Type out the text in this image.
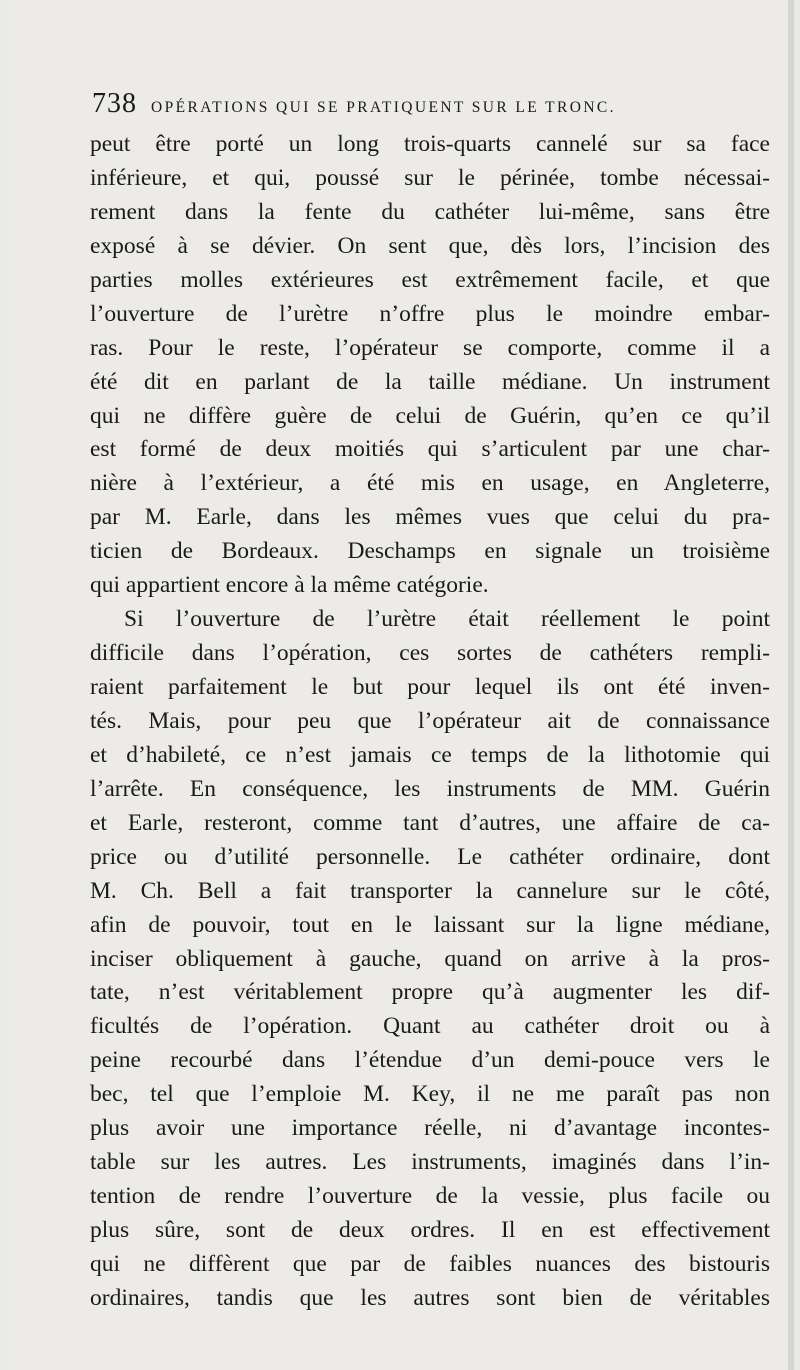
738 OPÉRATIONS QUI SE PRATIQUENT SUR LE TRONC.
peut être porté un long trois-quarts cannelé sur sa face
inférieure, et qui, poussé sur le périnée, tombe nécessai-
rement dans la fente du cathéter lui-même, sans être
exposé à se dévier. On sent que, dès lors, l’incision des
parties molles extérieures est extrêmement facile, et que
l’ouverture de l’urètre n’offre plus le moindre embar-
ras. Pour le reste, l’opérateur se comporte, comme il a
été dit en parlant de la taille médiane. Un instrument
qui ne diffère guère de celui de Guérin, qu’en ce qu’il
est formé de deux moitiés qui s’articulent par une char-
nière à l’extérieur, a été mis en usage, en Angleterre,
par M. Earle, dans les mêmes vues que celui du pra-
ticien de Bordeaux. Deschamps en signale un troisième
qui appartient encore à la même catégorie.
Si l’ouverture de l’urètre était réellement le point
difficile dans l’opération, ces sortes de cathéters rempli-
raient parfaitement le but pour lequel ils ont été inven-
tés. Mais, pour peu que l’opérateur ait de connaissance
et d’habileté, ce n’est jamais ce temps de la lithotomie qui
l’arrête. En conséquence, les instruments de MM. Guérin
et Earle, resteront, comme tant d’autres, une affaire de ca-
price ou d’utilité personnelle. Le cathéter ordinaire, dont
M. Ch. Bell a fait transporter la cannelure sur le côté,
afin de pouvoir, tout en le laissant sur la ligne médiane,
inciser obliquement à gauche, quand on arrive à la pros-
tate, n’est véritablement propre qu’à augmenter les dif-
ficultés de l’opération. Quant au cathéter droit ou à
peine recourbé dans l’étendue d’un demi-pouce vers le
bec, tel que l’emploie M. Key, il ne me paraît pas non
plus avoir une importance réelle, ni d’avantage incontes-
table sur les autres. Les instruments, imaginés dans l’in-
tention de rendre l’ouverture de la vessie, plus facile ou
plus sûre, sont de deux ordres. Il en est effectivement
qui ne diffèrent que par de faibles nuances des bistouris
ordinaires, tandis que les autres sont bien de véritables
